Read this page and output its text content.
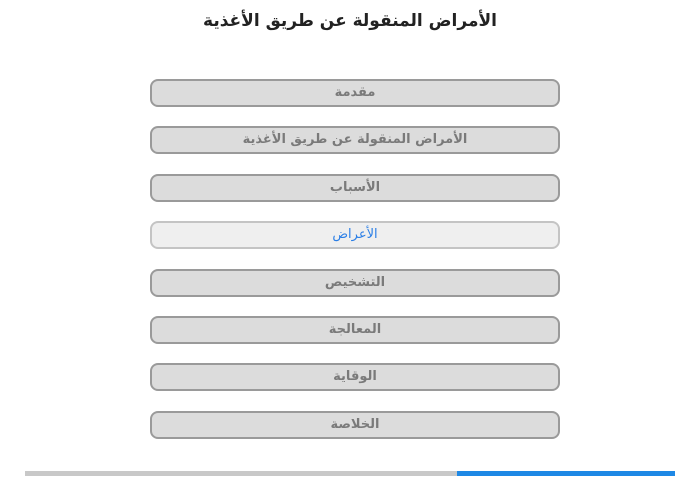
الأمراض المنقولة عن طريق الأغذية
مقدمة
الأمراض المنقولة عن طريق الأغذية
الأسباب
الأعراض
التشخيص
المعالجة
الوقاية
الخلاصة
